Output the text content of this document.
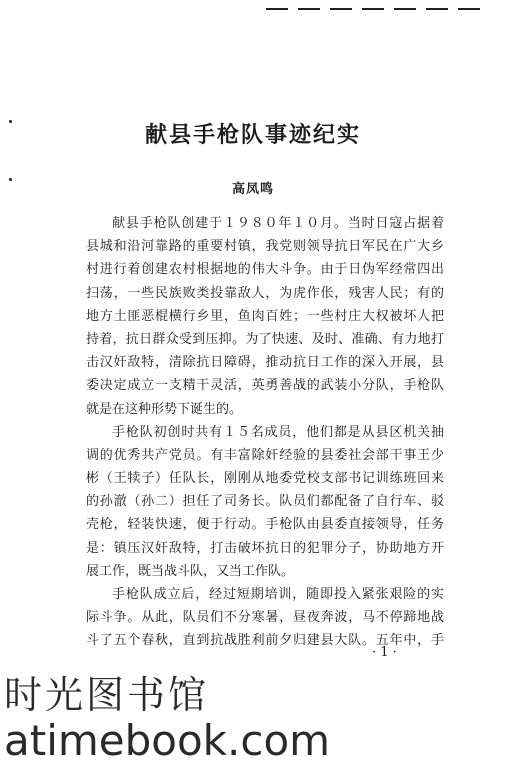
献县手枪队事迹纪实
高凤鸣
献县手枪队创建于１９８０年１０月。当时日寇占据着
县城和沿河靠路的重要村镇，我党则领导抗日军民在广大乡
村进行着创建农村根据地的伟大斗争。由于日伪军经常四出
扫荡，一些民族败类投靠敌人，为虎作伥，残害人民；有的
地方土匪恶棍横行乡里，鱼肉百姓；一些村庄大权被坏人把
持着，抗日群众受到压抑。为了快速、及时、准确、有力地打
击汉奸敌特，清除抗日障碍，推动抗日工作的深入开展，县
委决定成立一支精干灵活，英勇善战的武装小分队，手枪队
就是在这种形势下诞生的。
手枪队初创时共有１５名成员，他们都是从县区机关抽
调的优秀共产党员。有丰富除奸经验的县委社会部干事王少
彬（王犊子）任队长，刚刚从地委党校支部书记训练班回来
的孙澈（孙二）担任了司务长。队员们都配备了自行车、驳
壳枪，轻装快速，便于行动。手枪队由县委直接领导，任务
是：镇压汉奸敌特，打击破坏抗日的犯罪分子，协助地方开
展工作，既当战斗队，又当工作队。
手枪队成立后，经过短期培训，随即投入紧张艰险的实
际斗争。从此，队员们不分寒暑，昼夜奔波，马不停蹄地战
斗了五个春秋，直到抗战胜利前夕归建县大队。五年中，手
· 1 ·
时光图书馆
atimebook.com
